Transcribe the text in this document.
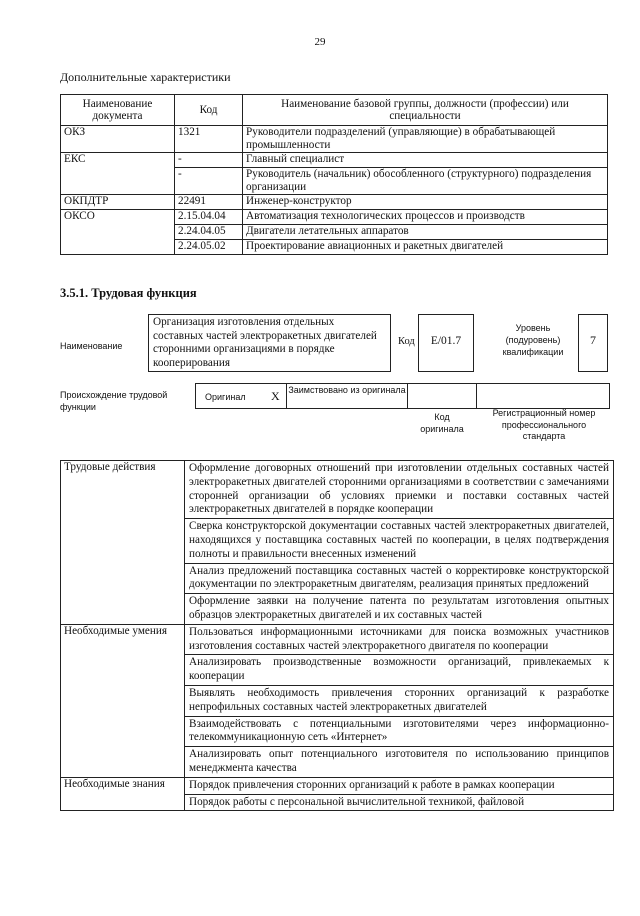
29
Дополнительные характеристики
Наименование документа	Код	Наименование базовой группы, должности (профессии) или специальности
ОКЗ	1321	Руководители подразделений (управляющие) в обрабатывающей промышленности
ЕКС	-	Главный специалист
	-	Руководитель (начальник) обособленного (структурного) подразделения организации
ОКПДТР	22491	Инженер-конструктор
ОКСО	2.15.04.04	Автоматизация технологических процессов и производств
	2.24.04.05	Двигатели летательных аппаратов
	2.24.05.02	Проектирование авиационных и ракетных двигателей
3.5.1. Трудовая функция
Наименование
Организация изготовления отдельных составных частей электроракетных двигателей сторонними организациями в порядке кооперирования
Код	Е/01.7
Уровень (подуровень) квалификации
7
Происхождение трудовой функции
Оригинал Х Заимствовано из оригинала
Код оригинала
Регистрационный номер профессионального стандарта
Трудовые действия	Оформление договорных отношений при изготовлении отдельных составных частей электроракетных двигателей сторонними организациями в соответствии с замечаниями сторонней организации об условиях приемки и поставки составных частей электроракетных двигателей в порядке кооперации
	Сверка конструкторской документации составных частей электроракетных двигателей, находящихся у поставщика составных частей по кооперации, в целях подтверждения полноты и правильности внесенных изменений
	Анализ предложений поставщика составных частей о корректировке конструкторской документации по электроракетным двигателям, реализация принятых предложений
	Оформление заявки на получение патента по результатам изготовления опытных образцов электроракетных двигателей и их составных частей
Необходимые умения	Пользоваться информационными источниками для поиска возможных участников изготовления составных частей электроракетного двигателя по кооперации
	Анализировать производственные возможности организаций, привлекаемых к кооперации
	Выявлять необходимость привлечения сторонних организаций к разработке непрофильных составных частей электроракетных двигателей
	Взаимодействовать с потенциальными изготовителями через информационно-телекоммуникационную сеть «Интернет»
	Анализировать опыт потенциального изготовителя по использованию принципов менеджмента качества
Необходимые знания	Порядок привлечения сторонних организаций к работе в рамках кооперации
	Порядок работы с персональной вычислительной техникой, файловой
